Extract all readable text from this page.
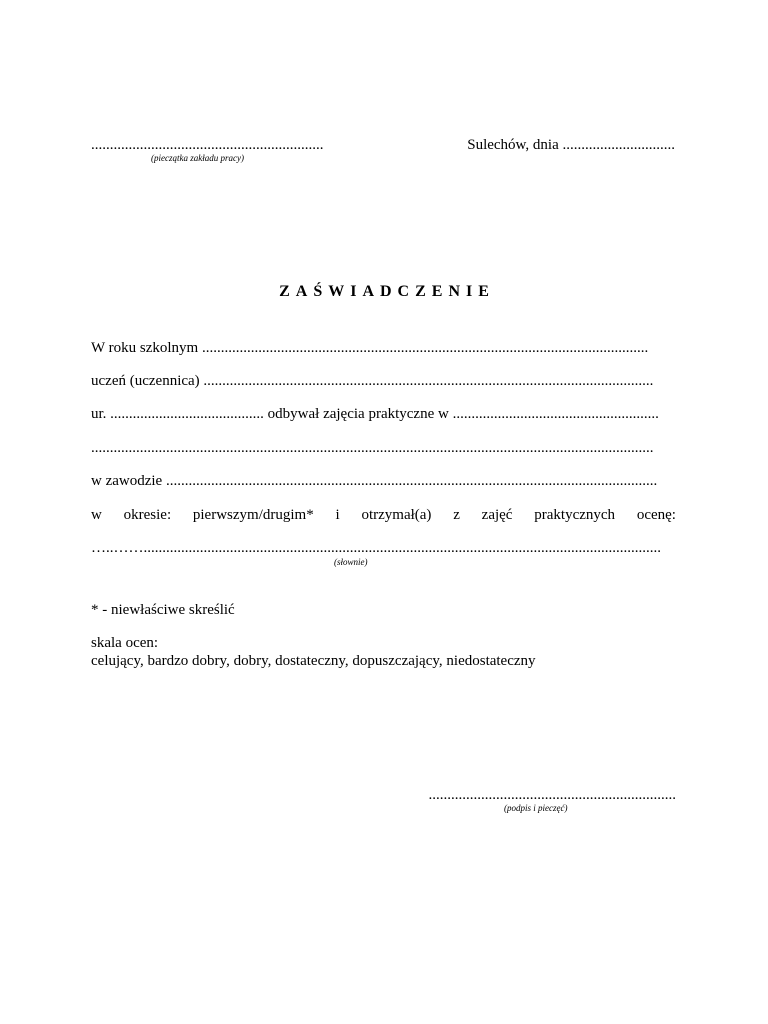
..............................................................
(pieczątka zakładu pracy)
Sulechów, dnia ..............................
ZAŚWIADCZENIE
W roku szkolnym .......................................................................................................................
uczeń (uczennica) ........................................................................................................................
ur. ......................................... odbywał zajęcia praktyczne w .......................................................
......................................................................................................................................................
w zawodzie ...................................................................................................................................
w okresie: pierwszym/drugim* i otrzymał(a) z zajęć praktycznych ocenę:
…..……..........................................................................................................................................
(słownie)
* - niewłaściwe skreślić
skala ocen:
celujący, bardzo dobry, dobry, dostateczny, dopuszczający, niedostateczny
..................................................................
(podpis i pieczęć)
